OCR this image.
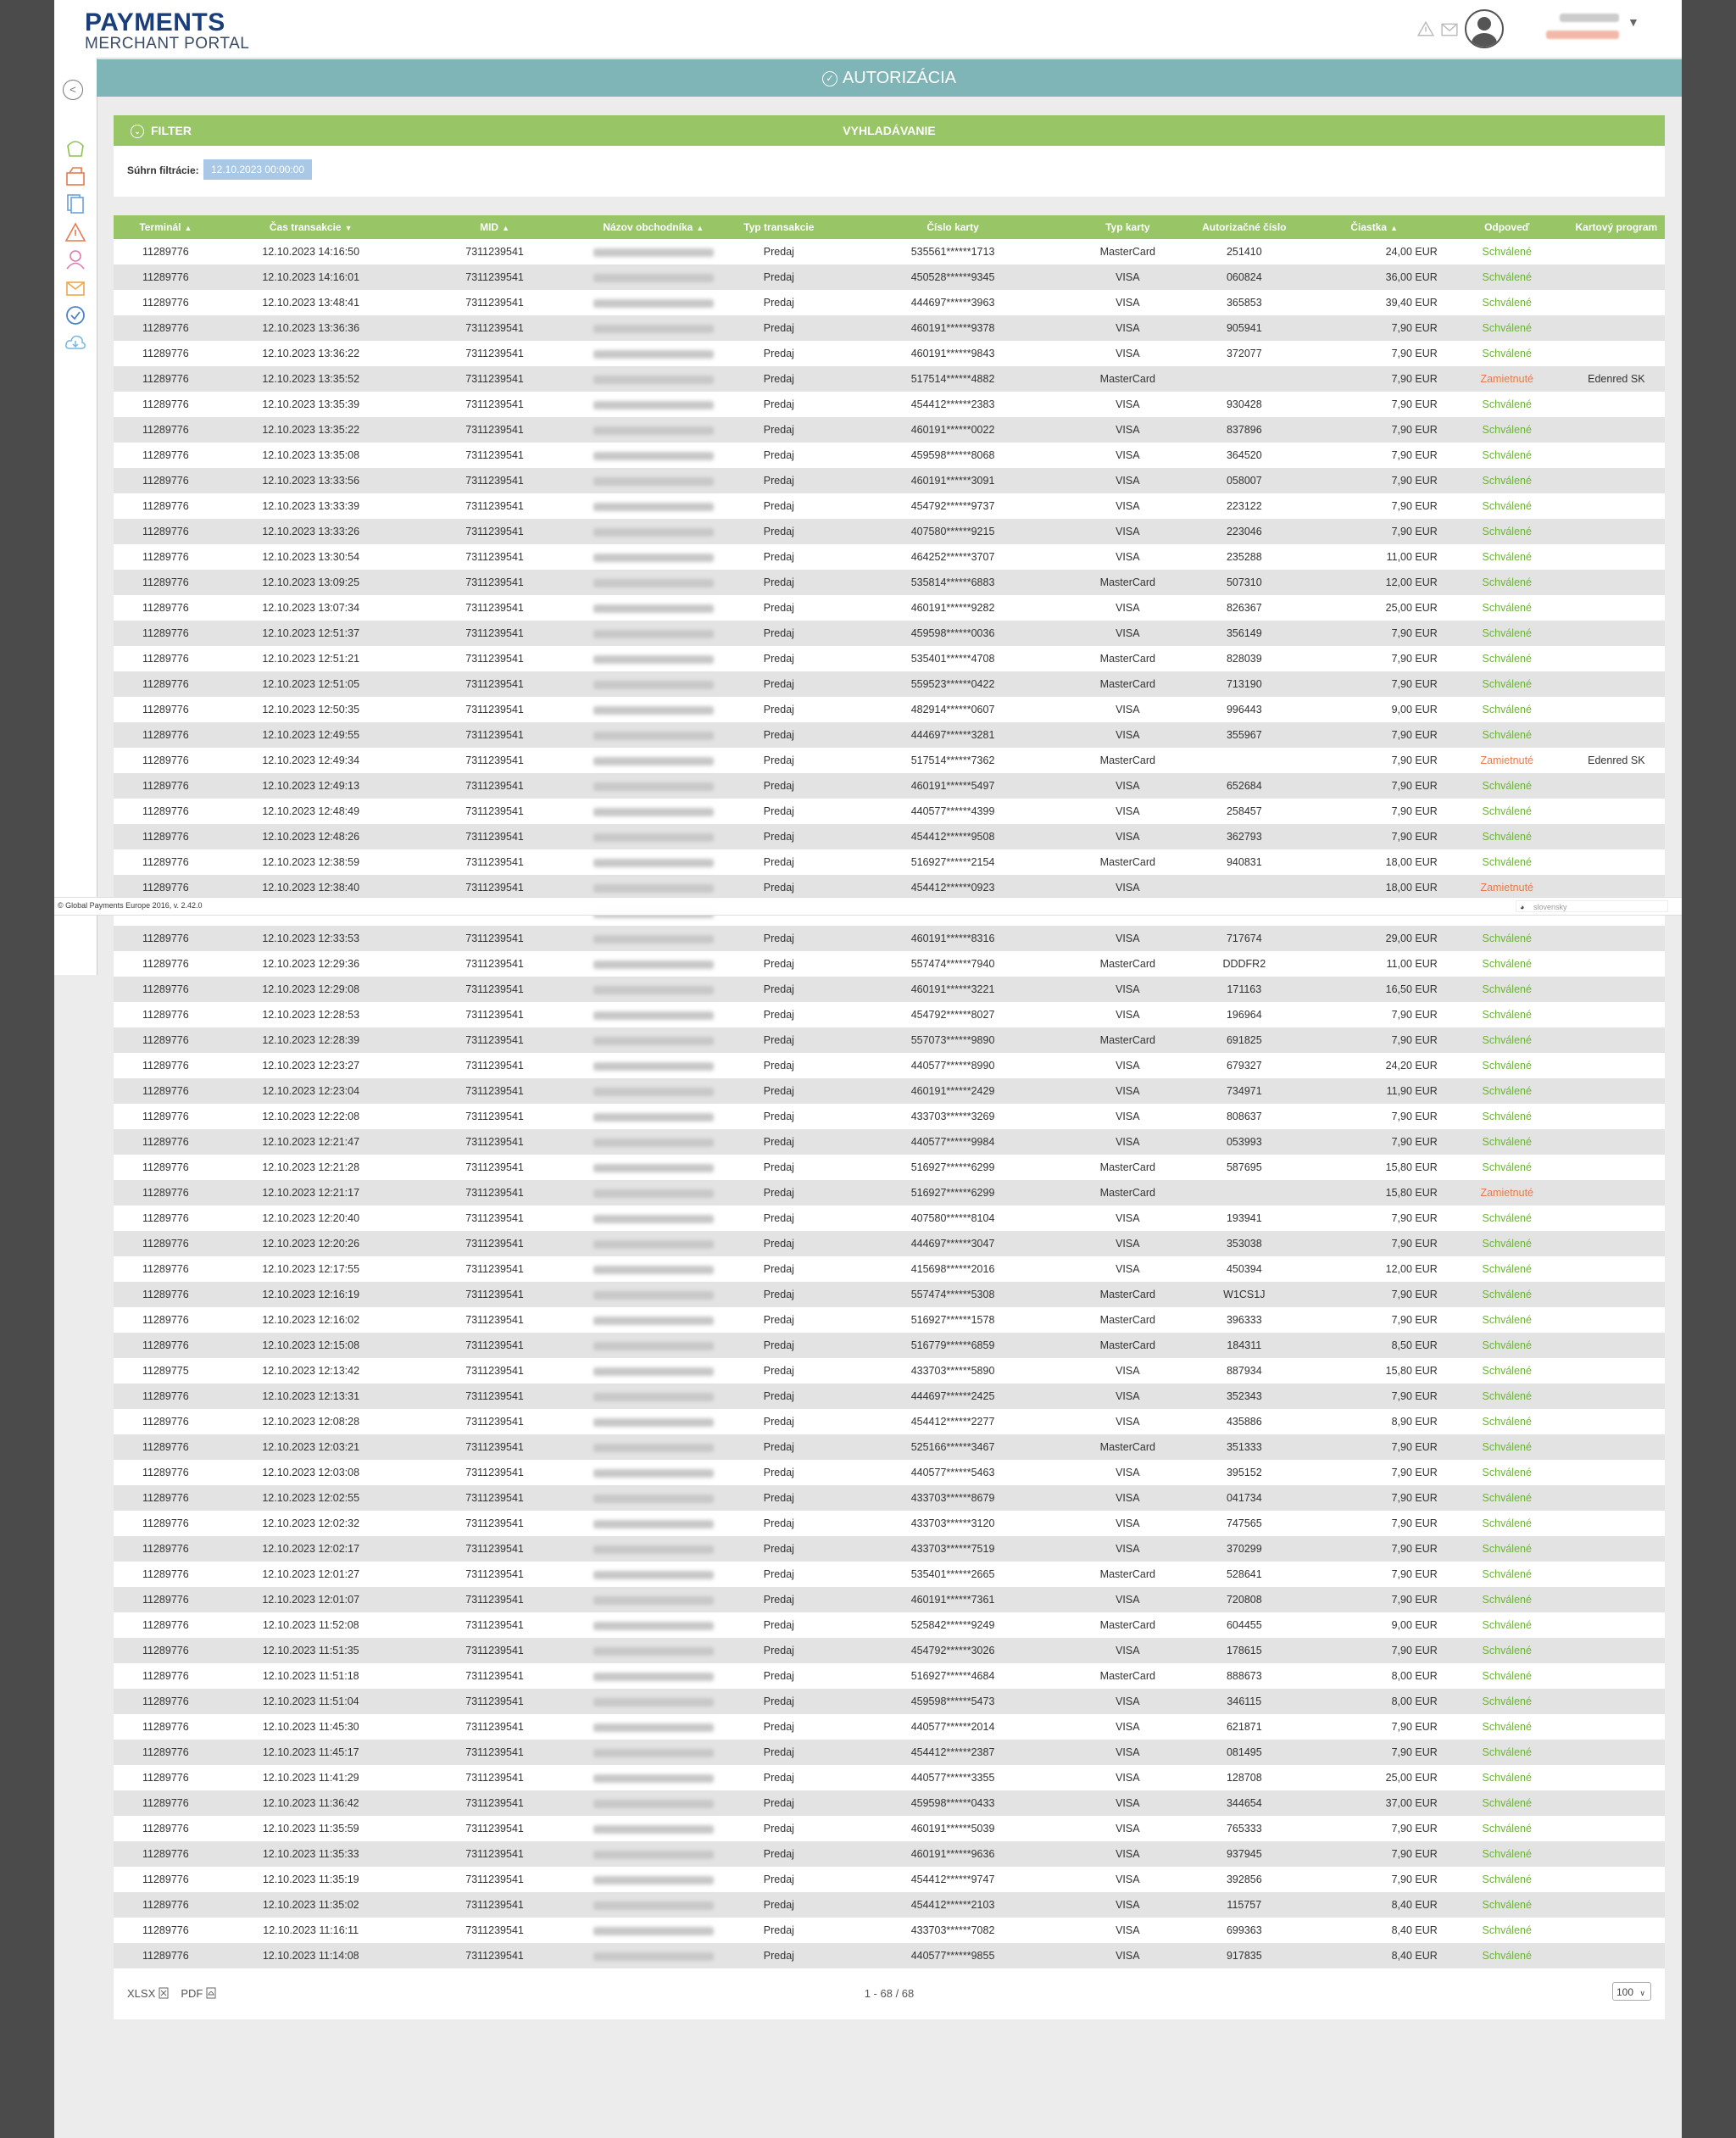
PAYMENTS
MERCHANT PORTAL
▼
<
✓ AUTORIZÁCIA
VYHLADÁVANIE
⌄ FILTER
Súhrn filtrácie:	12.10.2023 00:00:00
Terminál ▲	Čas transakcie ▼	MID ▲	Názov obchodníka ▲	Typ transakcie	Číslo karty	Typ karty	Autorizačné číslo	Čiastka ▲	Odpoveď	Kartový program
11289776	12.10.2023 14:16:50	7311239541		Predaj	535561******1713	MasterCard	251410	24,00 EUR	Schválené	
11289776	12.10.2023 14:16:01	7311239541		Predaj	450528******9345	VISA	060824	36,00 EUR	Schválené	
11289776	12.10.2023 13:48:41	7311239541		Predaj	444697******3963	VISA	365853	39,40 EUR	Schválené	
11289776	12.10.2023 13:36:36	7311239541		Predaj	460191******9378	VISA	905941	7,90 EUR	Schválené	
11289776	12.10.2023 13:36:22	7311239541		Predaj	460191******9843	VISA	372077	7,90 EUR	Schválené	
11289776	12.10.2023 13:35:52	7311239541		Predaj	517514******4882	MasterCard		7,90 EUR	Zamietnuté	Edenred SK
11289776	12.10.2023 13:35:39	7311239541		Predaj	454412******2383	VISA	930428	7,90 EUR	Schválené	
11289776	12.10.2023 13:35:22	7311239541		Predaj	460191******0022	VISA	837896	7,90 EUR	Schválené	
11289776	12.10.2023 13:35:08	7311239541		Predaj	459598******8068	VISA	364520	7,90 EUR	Schválené	
11289776	12.10.2023 13:33:56	7311239541		Predaj	460191******3091	VISA	058007	7,90 EUR	Schválené	
11289776	12.10.2023 13:33:39	7311239541		Predaj	454792******9737	VISA	223122	7,90 EUR	Schválené	
11289776	12.10.2023 13:33:26	7311239541		Predaj	407580******9215	VISA	223046	7,90 EUR	Schválené	
11289776	12.10.2023 13:30:54	7311239541		Predaj	464252******3707	VISA	235288	11,00 EUR	Schválené	
11289776	12.10.2023 13:09:25	7311239541		Predaj	535814******6883	MasterCard	507310	12,00 EUR	Schválené	
11289776	12.10.2023 13:07:34	7311239541		Predaj	460191******9282	VISA	826367	25,00 EUR	Schválené	
11289776	12.10.2023 12:51:37	7311239541		Predaj	459598******0036	VISA	356149	7,90 EUR	Schválené	
11289776	12.10.2023 12:51:21	7311239541		Predaj	535401******4708	MasterCard	828039	7,90 EUR	Schválené	
11289776	12.10.2023 12:51:05	7311239541		Predaj	559523******0422	MasterCard	713190	7,90 EUR	Schválené	
11289776	12.10.2023 12:50:35	7311239541		Predaj	482914******0607	VISA	996443	9,00 EUR	Schválené	
11289776	12.10.2023 12:49:55	7311239541		Predaj	444697******3281	VISA	355967	7,90 EUR	Schválené	
11289776	12.10.2023 12:49:34	7311239541		Predaj	517514******7362	MasterCard		7,90 EUR	Zamietnuté	Edenred SK
11289776	12.10.2023 12:49:13	7311239541		Predaj	460191******5497	VISA	652684	7,90 EUR	Schválené	
11289776	12.10.2023 12:48:49	7311239541		Predaj	440577******4399	VISA	258457	7,90 EUR	Schválené	
11289776	12.10.2023 12:48:26	7311239541		Predaj	454412******9508	VISA	362793	7,90 EUR	Schválené	
11289776	12.10.2023 12:38:59	7311239541		Predaj	516927******2154	MasterCard	940831	18,00 EUR	Schválené	
11289776	12.10.2023 12:38:40	7311239541		Predaj	454412******0923	VISA		18,00 EUR	Zamietnuté	

11289776	12.10.2023 12:33:53	7311239541		Predaj	460191******8316	VISA	717674	29,00 EUR	Schválené	
11289776	12.10.2023 12:29:36	7311239541		Predaj	557474******7940	MasterCard	DDDFR2	11,00 EUR	Schválené	
11289776	12.10.2023 12:29:08	7311239541		Predaj	460191******3221	VISA	171163	16,50 EUR	Schválené	
11289776	12.10.2023 12:28:53	7311239541		Predaj	454792******8027	VISA	196964	7,90 EUR	Schválené	
11289776	12.10.2023 12:28:39	7311239541		Predaj	557073******9890	MasterCard	691825	7,90 EUR	Schválené	
11289776	12.10.2023 12:23:27	7311239541		Predaj	440577******8990	VISA	679327	24,20 EUR	Schválené	
11289776	12.10.2023 12:23:04	7311239541		Predaj	460191******2429	VISA	734971	11,90 EUR	Schválené	
11289776	12.10.2023 12:22:08	7311239541		Predaj	433703******3269	VISA	808637	7,90 EUR	Schválené	
11289776	12.10.2023 12:21:47	7311239541		Predaj	440577******9984	VISA	053993	7,90 EUR	Schválené	
11289776	12.10.2023 12:21:28	7311239541		Predaj	516927******6299	MasterCard	587695	15,80 EUR	Schválené	
11289776	12.10.2023 12:21:17	7311239541		Predaj	516927******6299	MasterCard		15,80 EUR	Zamietnuté	
11289776	12.10.2023 12:20:40	7311239541		Predaj	407580******8104	VISA	193941	7,90 EUR	Schválené	
11289776	12.10.2023 12:20:26	7311239541		Predaj	444697******3047	VISA	353038	7,90 EUR	Schválené	
11289776	12.10.2023 12:17:55	7311239541		Predaj	415698******2016	VISA	450394	12,00 EUR	Schválené	
11289776	12.10.2023 12:16:19	7311239541		Predaj	557474******5308	MasterCard	W1CS1J	7,90 EUR	Schválené	
11289776	12.10.2023 12:16:02	7311239541		Predaj	516927******1578	MasterCard	396333	7,90 EUR	Schválené	
11289776	12.10.2023 12:15:08	7311239541		Predaj	516779******6859	MasterCard	184311	8,50 EUR	Schválené	
11289775	12.10.2023 12:13:42	7311239541		Predaj	433703******5890	VISA	887934	15,80 EUR	Schválené	
11289776	12.10.2023 12:13:31	7311239541		Predaj	444697******2425	VISA	352343	7,90 EUR	Schválené	
11289776	12.10.2023 12:08:28	7311239541		Predaj	454412******2277	VISA	435886	8,90 EUR	Schválené	
11289776	12.10.2023 12:03:21	7311239541		Predaj	525166******3467	MasterCard	351333	7,90 EUR	Schválené	
11289776	12.10.2023 12:03:08	7311239541		Predaj	440577******5463	VISA	395152	7,90 EUR	Schválené	
11289776	12.10.2023 12:02:55	7311239541		Predaj	433703******8679	VISA	041734	7,90 EUR	Schválené	
11289776	12.10.2023 12:02:32	7311239541		Predaj	433703******3120	VISA	747565	7,90 EUR	Schválené	
11289776	12.10.2023 12:02:17	7311239541		Predaj	433703******7519	VISA	370299	7,90 EUR	Schválené	
11289776	12.10.2023 12:01:27	7311239541		Predaj	535401******2665	MasterCard	528641	7,90 EUR	Schválené	
11289776	12.10.2023 12:01:07	7311239541		Predaj	460191******7361	VISA	720808	7,90 EUR	Schválené	
11289776	12.10.2023 11:52:08	7311239541		Predaj	525842******9249	MasterCard	604455	9,00 EUR	Schválené	
11289776	12.10.2023 11:51:35	7311239541		Predaj	454792******3026	VISA	178615	7,90 EUR	Schválené	
11289776	12.10.2023 11:51:18	7311239541		Predaj	516927******4684	MasterCard	888673	8,00 EUR	Schválené	
11289776	12.10.2023 11:51:04	7311239541		Predaj	459598******5473	VISA	346115	8,00 EUR	Schválené	
11289776	12.10.2023 11:45:30	7311239541		Predaj	440577******2014	VISA	621871	7,90 EUR	Schválené	
11289776	12.10.2023 11:45:17	7311239541		Predaj	454412******2387	VISA	081495	7,90 EUR	Schválené	
11289776	12.10.2023 11:41:29	7311239541		Predaj	440577******3355	VISA	128708	25,00 EUR	Schválené	
11289776	12.10.2023 11:36:42	7311239541		Predaj	459598******0433	VISA	344654	37,00 EUR	Schválené	
11289776	12.10.2023 11:35:59	7311239541		Predaj	460191******5039	VISA	765333	7,90 EUR	Schválené	
11289776	12.10.2023 11:35:33	7311239541		Predaj	460191******9636	VISA	937945	7,90 EUR	Schválené	
11289776	12.10.2023 11:35:19	7311239541		Predaj	454412******9747	VISA	392856	7,90 EUR	Schválené	
11289776	12.10.2023 11:35:02	7311239541		Predaj	454412******2103	VISA	115757	8,40 EUR	Schválené	
11289776	12.10.2023 11:16:11	7311239541		Predaj	433703******7082	VISA	699363	8,40 EUR	Schválené	
11289776	12.10.2023 11:14:08	7311239541		Predaj	440577******9855	VISA	917835	8,40 EUR	Schválené	
XLSX PDF	1 - 68 / 68	100 ∨
© Global Payments Europe 2016, v. 2.42.0	◕ slovensky
